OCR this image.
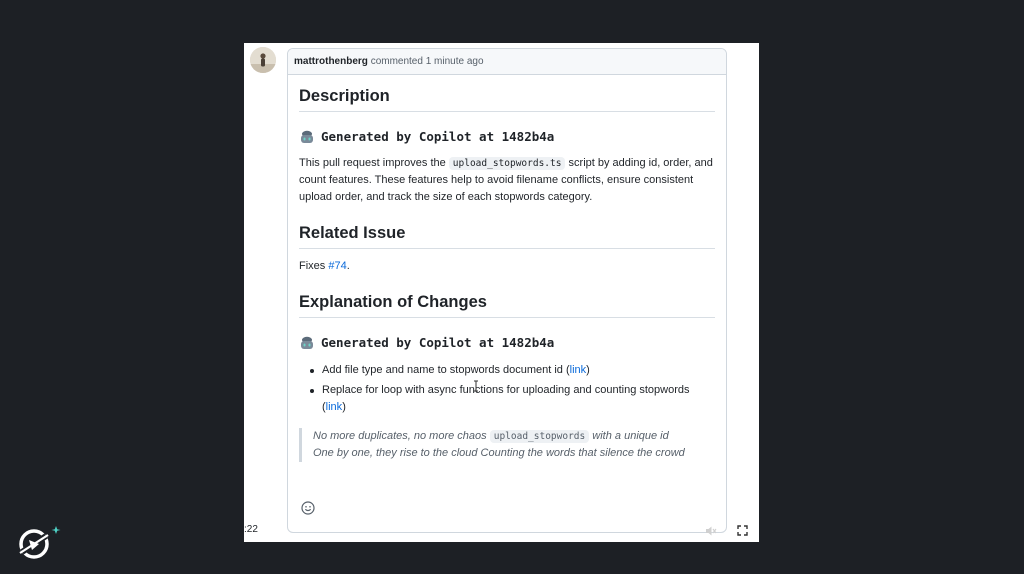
mattrothenberg commented 1 minute ago
Description
Generated by Copilot at 1482b4a

This pull request improves the upload_stopwords.ts script by adding id, order, and count features. These features help to avoid filename conflicts, ensure consistent upload order, and track the size of each stopwords category.

Related Issue

Fixes #74.

Explanation of Changes
Generated by Copilot at 1482b4a
Add file type and name to stopwords document id (link)
Replace for loop with async functions for uploading and counting stopwords (link)
No more duplicates, no more chaos upload_stopwords with a unique id
One by one, they rise to the cloud Counting the words that silence the crowd
:22
